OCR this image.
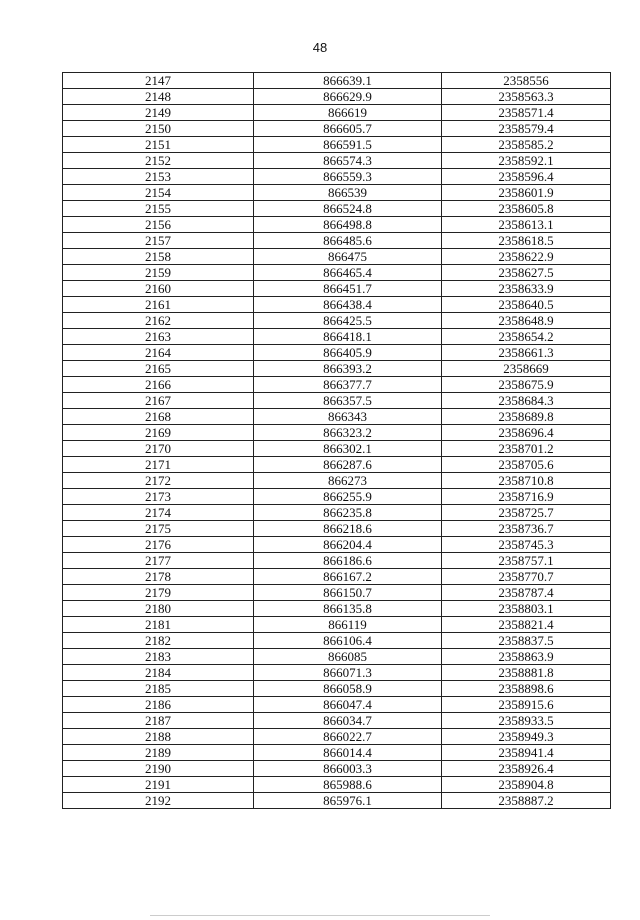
48
2147	866639.1	2358556
2148	866629.9	2358563.3
2149	866619	2358571.4
2150	866605.7	2358579.4
2151	866591.5	2358585.2
2152	866574.3	2358592.1
2153	866559.3	2358596.4
2154	866539	2358601.9
2155	866524.8	2358605.8
2156	866498.8	2358613.1
2157	866485.6	2358618.5
2158	866475	2358622.9
2159	866465.4	2358627.5
2160	866451.7	2358633.9
2161	866438.4	2358640.5
2162	866425.5	2358648.9
2163	866418.1	2358654.2
2164	866405.9	2358661.3
2165	866393.2	2358669
2166	866377.7	2358675.9
2167	866357.5	2358684.3
2168	866343	2358689.8
2169	866323.2	2358696.4
2170	866302.1	2358701.2
2171	866287.6	2358705.6
2172	866273	2358710.8
2173	866255.9	2358716.9
2174	866235.8	2358725.7
2175	866218.6	2358736.7
2176	866204.4	2358745.3
2177	866186.6	2358757.1
2178	866167.2	2358770.7
2179	866150.7	2358787.4
2180	866135.8	2358803.1
2181	866119	2358821.4
2182	866106.4	2358837.5
2183	866085	2358863.9
2184	866071.3	2358881.8
2185	866058.9	2358898.6
2186	866047.4	2358915.6
2187	866034.7	2358933.5
2188	866022.7	2358949.3
2189	866014.4	2358941.4
2190	866003.3	2358926.4
2191	865988.6	2358904.8
2192	865976.1	2358887.2
